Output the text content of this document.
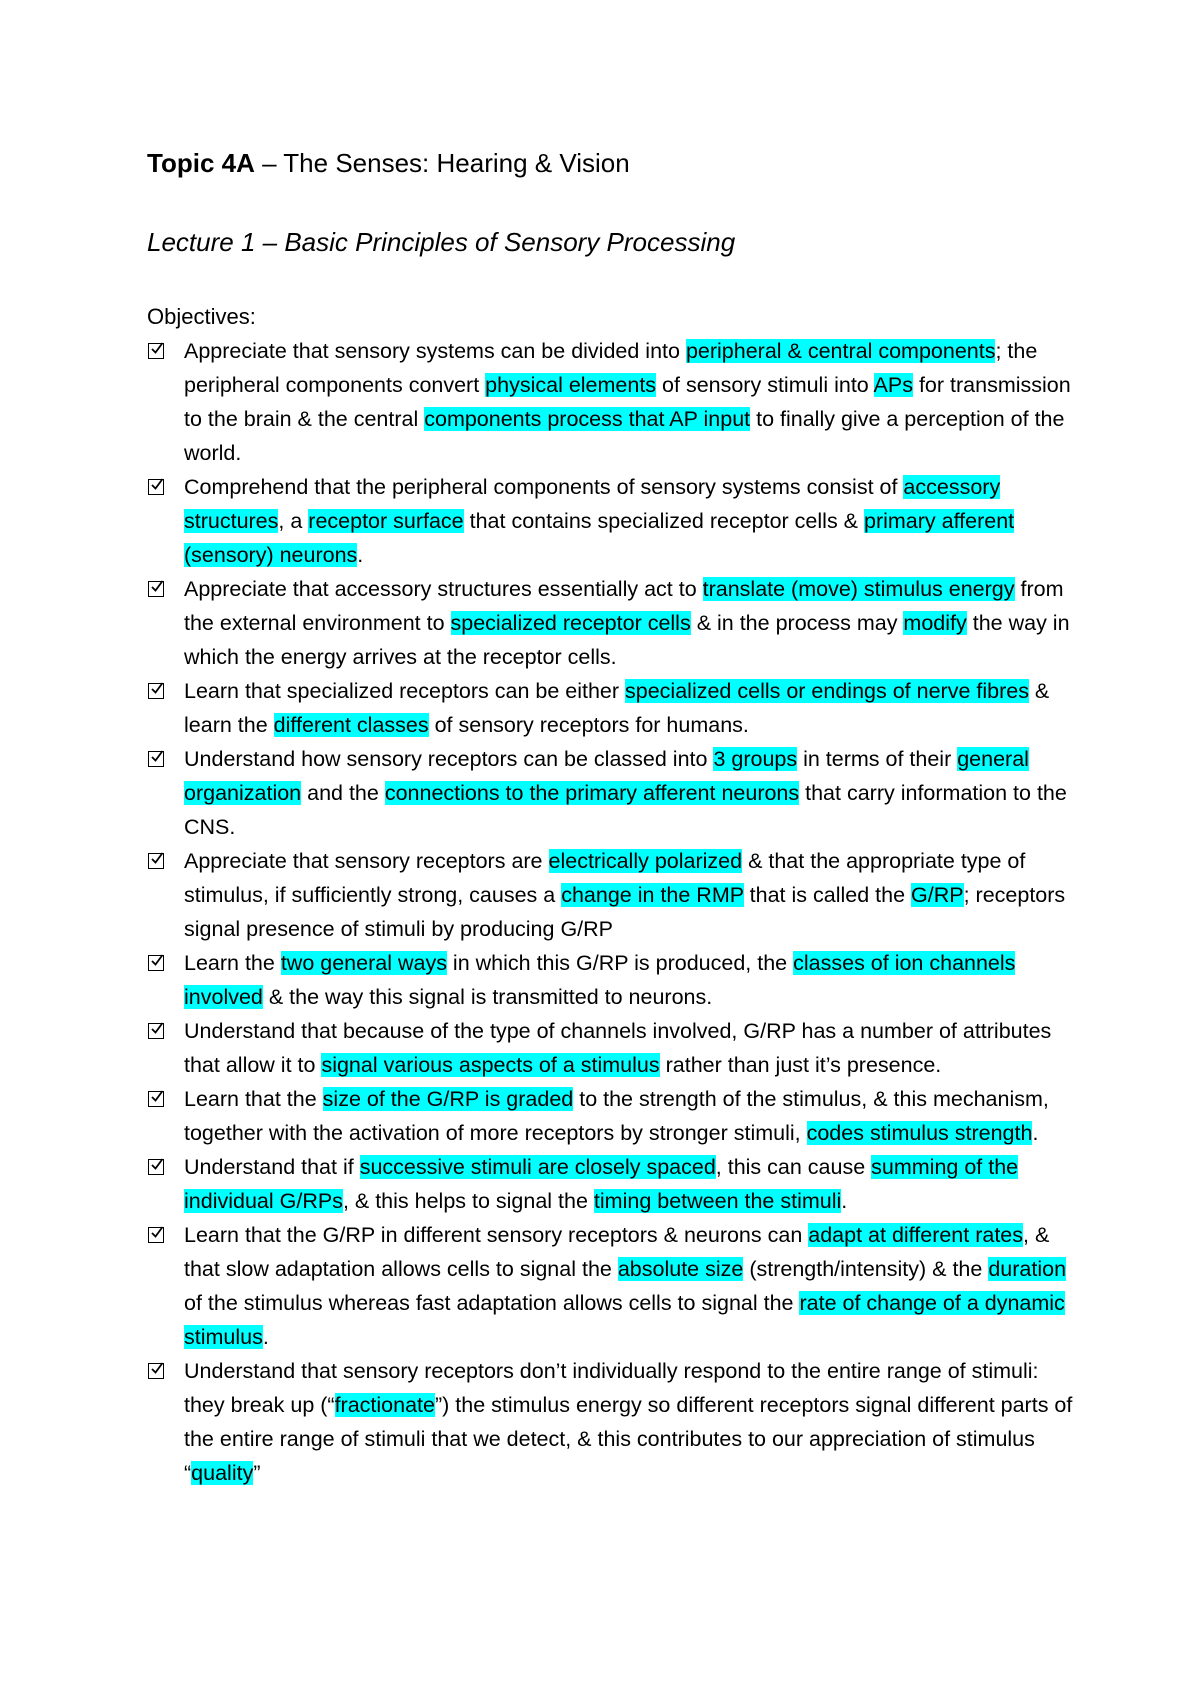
Topic 4A – The Senses: Hearing & Vision
Lecture 1 – Basic Principles of Sensory Processing
Objectives:
Appreciate that sensory systems can be divided into peripheral & central components; the peripheral components convert physical elements of sensory stimuli into APs for transmission to the brain & the central components process that AP input to finally give a perception of the world.
Comprehend that the peripheral components of sensory systems consist of accessory structures, a receptor surface that contains specialized receptor cells & primary afferent (sensory) neurons.
Appreciate that accessory structures essentially act to translate (move) stimulus energy from the external environment to specialized receptor cells & in the process may modify the way in which the energy arrives at the receptor cells.
Learn that specialized receptors can be either specialized cells or endings of nerve fibres & learn the different classes of sensory receptors for humans.
Understand how sensory receptors can be classed into 3 groups in terms of their general organization and the connections to the primary afferent neurons that carry information to the CNS.
Appreciate that sensory receptors are electrically polarized & that the appropriate type of stimulus, if sufficiently strong, causes a change in the RMP that is called the G/RP; receptors signal presence of stimuli by producing G/RP
Learn the two general ways in which this G/RP is produced, the classes of ion channels involved & the way this signal is transmitted to neurons.
Understand that because of the type of channels involved, G/RP has a number of attributes that allow it to signal various aspects of a stimulus rather than just it’s presence.
Learn that the size of the G/RP is graded to the strength of the stimulus, & this mechanism, together with the activation of more receptors by stronger stimuli, codes stimulus strength.
Understand that if successive stimuli are closely spaced, this can cause summing of the individual G/RPs, & this helps to signal the timing between the stimuli.
Learn that the G/RP in different sensory receptors & neurons can adapt at different rates, & that slow adaptation allows cells to signal the absolute size (strength/intensity) & the duration of the stimulus whereas fast adaptation allows cells to signal the rate of change of a dynamic stimulus.
Understand that sensory receptors don’t individually respond to the entire range of stimuli: they break up (“fractionate”) the stimulus energy so different receptors signal different parts of the entire range of stimuli that we detect, & this contributes to our appreciation of stimulus “quality”
